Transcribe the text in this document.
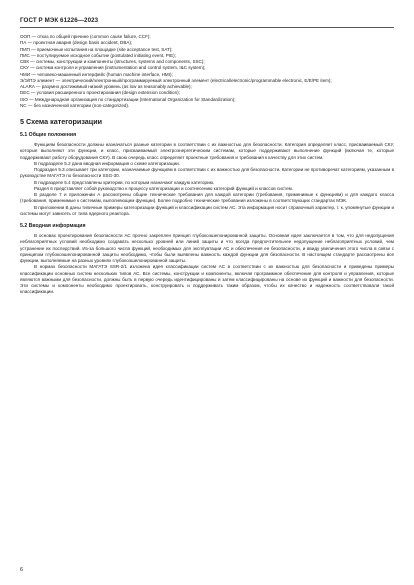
ГОСТ Р МЭК 61226—2023

ООП — отказ по общей причине (common cause failure, CCF);

ПА — проектная авария (design basis accident, DBA);

ПИП — приемочные испытания на площадке (site acceptance test, SAT);

ПИС — постулируемое исходное событие (postulated initiating event, PIE);

СВК — системы, конструкции и компоненты (structures, systems and components, SSC);

СКУ — система контроля и управления (instrumentation and control system, I&C system);

ЧМИ — человеко-машинный интерфейс (human machine interface, HMI);

Э/Э/ПЭ элемент — электрический/электронный/программируемый электронный элемент (electrical/electronic/programmable electronic, E/E/PE item);

ALARA — разумно достижимый низкий уровень (as low as reasonably achievable);

DEC — условия расширенного проектирования (design extension condition);

ISO — Международная организация по стандартизации (International Organization for Standardization);

NC — без назначенной категории (non-categorized).

5 Схема категоризации
5.1 Общие положения

Функциям безопасности должны назначаться разные категории в соответствии с их важностью для безопасности. Категория определяет класс, присваиваемый СКУ, которые выполняют эти функции, и класс, присваиваемый электроэнергетическим системам, которые поддерживают выполнение функций (включая те, которые поддерживают работу оборудования СКУ). В свою очередь класс определяет проектные требования и требования к качеству для этих систем.

В подразделе 5.2 дана вводная информация о схеме категоризации.

Подраздел 5.3 описывает три категории, назначаемые функциям в соответствии с их важностью для безопасности. Категории не противоречат категориям, указанным в руководстве МАГАТЭ по безопасности SSG-30.

В подразделе 5.4 представлены критерии, по которым назначают каждую категорию.

Раздел 6 представляет собой руководство к процессу категоризации и соотнесению категорий функций и классов систем.

В разделе 7 и приложении А рассмотрены общие технические требования для каждой категории (требования, применимые к функциям) и для каждого класса (требования, применимые к системам, выполняющим функции). Более подробно технические требования изложены в соответствующих стандартах МЭК.

В приложении B даны типичные примеры категоризации функций и классификации систем АС. Эта информация носит справочный характер, т. к. упомянутые функции и системы могут зависеть от типа ядерного реактора.

5.2 Вводная информация

В основах проектирования безопасности АС прочно закреплен принцип глубокоэшелонированной защиты. Основная идея заключается в том, что для недопущения неблагоприятных условий необходимо создавать несколько уровней или линий защиты и что всегда предпочтительнее недопущение неблагоприятных условий, чем устранение их последствий. Из-за большого числа функций, необходимых для эксплуатации АС и обеспечения ее безопасности, и ввиду увеличения этого числа в связи с принципом глубокоэшелонированной защиты необходимо, чтобы были выявлены важность каждой функции для безопасности. В настоящем стандарте рассмотрены все функции, выполняемые на разных уровнях глубокоэшелонированной защиты.

В нормах безопасности МАГАТЭ SSR-2/1 изложена идея классификации систем АС в соответствии с их важностью для безопасности и приведены примеры классификации основных систем нескольких типов АС. Все системы, конструкции и компоненты, включая программное обеспечение для контроля и управления, которые являются важными для безопасности, должны быть в первую очередь идентифицированы и затем классифицированы на основе их функций и важности для безопасности. Эти системы и компоненты необходимо проектировать, конструировать и поддерживать таким образом, чтобы их качество и надежность соответствовали такой классификации.

6
